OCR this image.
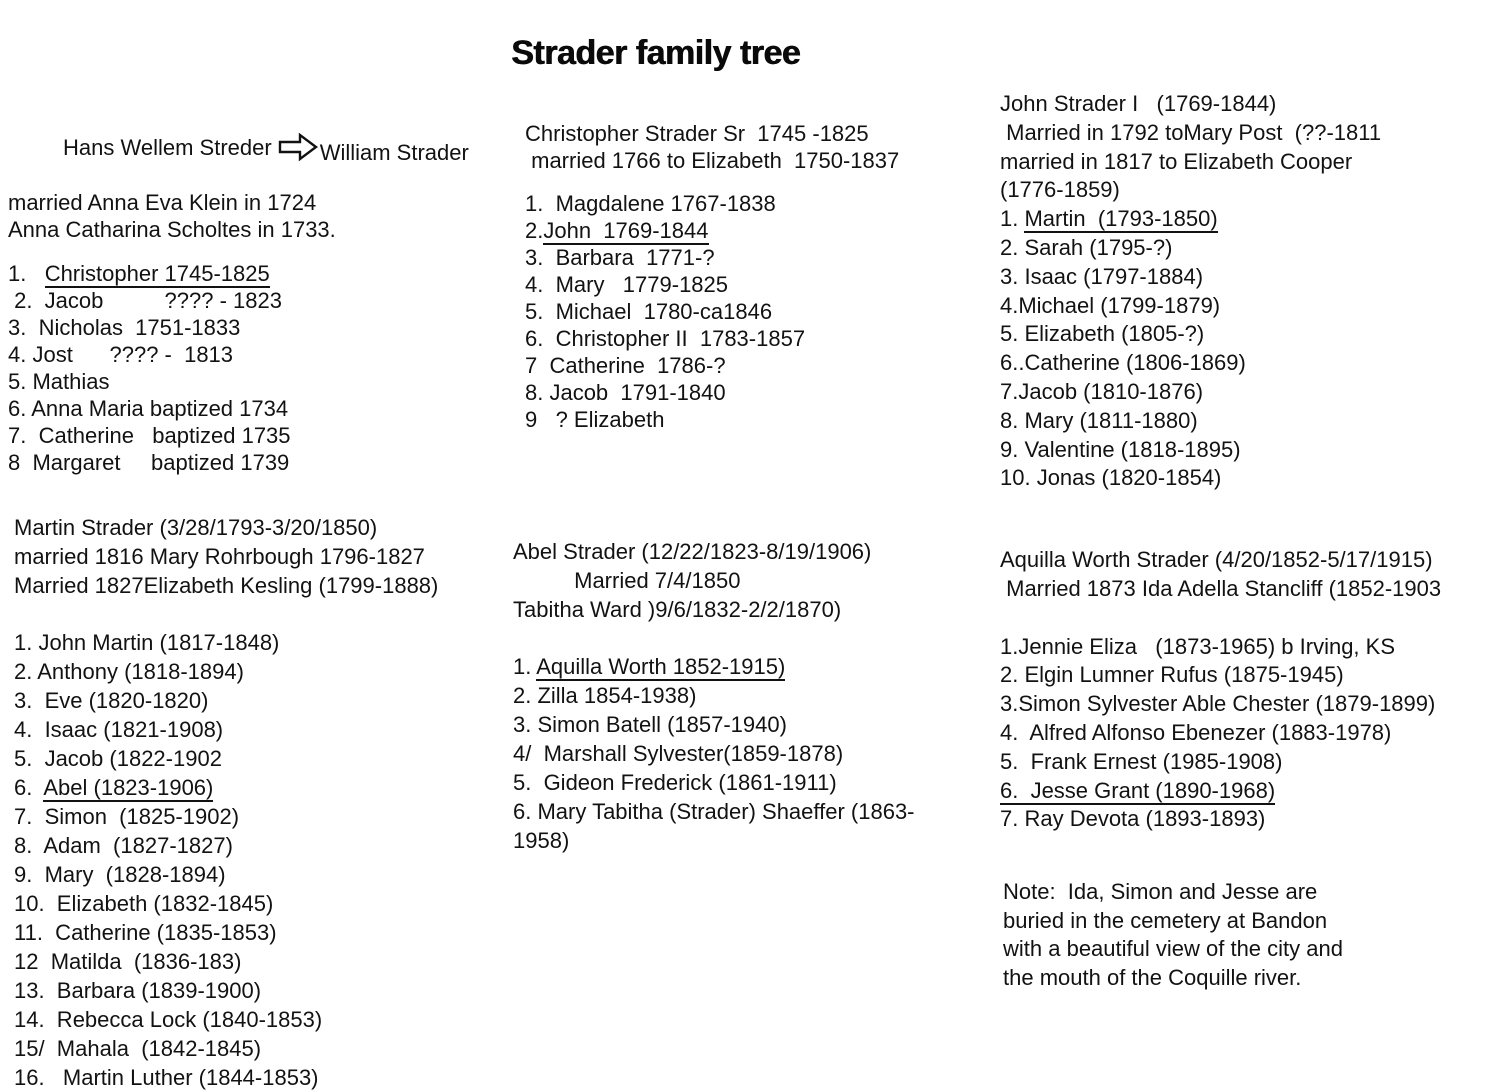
Strader family tree

Hans Wellem Streder William Strader

married Anna Eva Klein in 1724
Anna Catharina Scholtes in 1733.
1.   Christopher 1745-1825
2.  Jacob          ???? - 1823
3.  Nicholas  1751-1833
4. Jost      ???? -  1813
5. Mathias
6. Anna Maria baptized 1734
7.  Catherine   baptized 1735
8  Margaret     baptized 1739
Christopher Strader Sr  1745 -1825
married 1766 to Elizabeth  1750-1837
1.  Magdalene 1767-1838
2.John  1769-1844
3.  Barbara  1771-?
4.  Mary   1779-1825
5.  Michael  1780-ca1846
6.  Christopher II  1783-1857
7  Catherine  1786-?
8. Jacob  1791-1840
9   ? Elizabeth
John Strader I   (1769-1844)
Married in 1792 toMary Post  (??-1811
married in 1817 to Elizabeth Cooper
(1776-1859)
1. Martin  (1793-1850)
2. Sarah (1795-?)
3. Isaac (1797-1884)
4.Michael (1799-1879)
5. Elizabeth (1805-?)
6..Catherine (1806-1869)
7.Jacob (1810-1876)
8. Mary (1811-1880)
9. Valentine (1818-1895)
10. Jonas (1820-1854)
Martin Strader (3/28/1793-3/20/1850)
married 1816 Mary Rohrbough 1796-1827
Married 1827Elizabeth Kesling (1799-1888)
1. John Martin (1817-1848)
2. Anthony (1818-1894)
3.  Eve (1820-1820)
4.  Isaac (1821-1908)
5.  Jacob (1822-1902
6.  Abel (1823-1906)
7.  Simon  (1825-1902)
8.  Adam  (1827-1827)
9.  Mary  (1828-1894)
10.  Elizabeth (1832-1845)
11.  Catherine (1835-1853)
12  Matilda  (1836-183)
13.  Barbara (1839-1900)
14.  Rebecca Lock (1840-1853)
15/  Mahala  (1842-1845)
16.   Martin Luther (1844-1853)
Abel Strader (12/22/1823-8/19/1906)
Married 7/4/1850
Tabitha Ward )9/6/1832-2/2/1870)
1. Aquilla Worth 1852-1915)
2. Zilla 1854-1938)
3. Simon Batell (1857-1940)
4/  Marshall Sylvester(1859-1878)
5.  Gideon Frederick (1861-1911)
6. Mary Tabitha (Strader) Shaeffer (1863-
1958)
Aquilla Worth Strader (4/20/1852-5/17/1915)
Married 1873 Ida Adella Stancliff (1852-1903
1.Jennie Eliza   (1873-1965) b Irving, KS
2. Elgin Lumner Rufus (1875-1945)
3.Simon Sylvester Able Chester (1879-1899)
4.  Alfred Alfonso Ebenezer (1883-1978)
5.  Frank Ernest (1985-1908)
6.  Jesse Grant (1890-1968)
7. Ray Devota (1893-1893)
Note:  Ida, Simon and Jesse are
buried in the cemetery at Bandon
with a beautiful view of the city and
the mouth of the Coquille river.
